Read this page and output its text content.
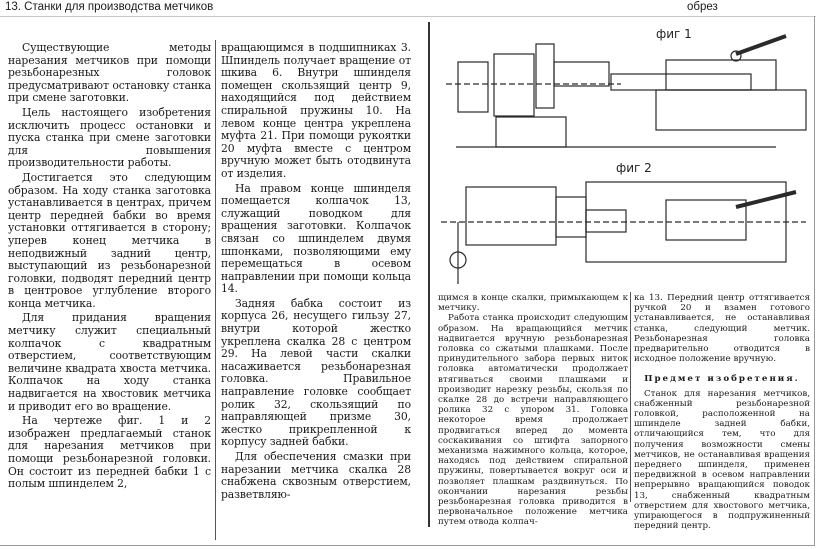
13. Станки для производства метчиков	обрез

Существующие методы нарезания метчиков при помощи резьбонарезных головок предусматривают остановку станка при смене заготовки.

Цель настоящего изобретения исключить процесс остановки и пуска станка при смене заготовки для повышения производительности работы.

Достигается это следующим образом. На ходу станка заготовка устанавливается в центрах, причем центр передней бабки во время установки оттягивается в сторону; уперев конец метчика в неподвижный задний центр, выступающий из резьбонарезной головки, подводят передний центр в центровое углубление второго конца метчика.

Для придания вращения метчику служит специальный колпачок с квадратным отверстием, соответствующим величине квадрата хвоста метчика. Колпачок на ходу станка надвигается на хвостовик метчика и приводит его во вращение.

На чертеже фиг. 1 и 2 изображен предлагаемый станок для нарезания метчиков при помощи резьбонарезной головки. Он состоит из передней бабки 1 с полым шпинделем 2,

вращающимся в подшипниках 3. Шпиндель получает вращение от шкива 6. Внутри шпинделя помещен скользящий центр 9, находящийся под действием спиральной пружины 10. На левом конце центра укреплена муфта 21. При помощи рукоятки 20 муфта вместе с центром вручную может быть отодвинута от изделия.

На правом конце шпинделя помещается колпачок 13, служащий поводком для вращения заготовки. Колпачок связан со шпинделем двумя шпонками, позволяющими ему перемещаться в осевом направлении при помощи кольца 14.

Задняя бабка состоит из корпуса 26, несущего гильзу 27, внутри которой жестко укреплена скалка 28 с центром 29. На левой части скалки насаживается резьбонарезная головка. Правильное направление головке сообщает ролик 32, скользящий по направляющей призме 30, жестко прикрепленной к корпусу задней бабки.

Для обеспечения смазки при нарезании метчика скалка 28 снабжена сквозным отверстием, разветвляю-

фиг 1
фиг 2

щимся в конце скалки, примыкающем к метчику.

Работа станка происходит следующим образом. На вращающийся метчик надвигается вручную резьбонарезная головка со сжатыми плашками. После принудительного забора первых ниток головка автоматически продолжает втягиваться своими плашками и производит нарезку резьбы, скользя по скалке 28 до встречи направляющего ролика 32 с упором 31. Головка некоторое время продолжает продвигаться вперед до момента соскакивания со штифта запорного механизма нажимного кольца, которое, находясь под действием спиральной пружины, повертывается вокруг оси и позволяет плашкам раздвинуться. По окончании нарезания резьбы резьбонарезная головка приводится в первоначальное положение метчика путем отвода колпач-

ка 13. Передний центр оттягивается ручкой 20 и взамен готового устанавливается, не останавливая станка, следующий метчик. Резьбонарезная головка предварительно отводится в исходное положение вручную.

Предмет изобретения.

Станок для нарезания метчиков, снабженный резьбонарезной головкой, расположенной на шпинделе задней бабки, отличающийся тем, что для получения возможности смены метчиков, не останавливая вращения переднего шпинделя, применен передвижной в осевом направлении непрерывно вращающийся поводок 13, снабженный квадратным отверстием для хвостового метчика, упирающегося в подпружиненный передний центр.
